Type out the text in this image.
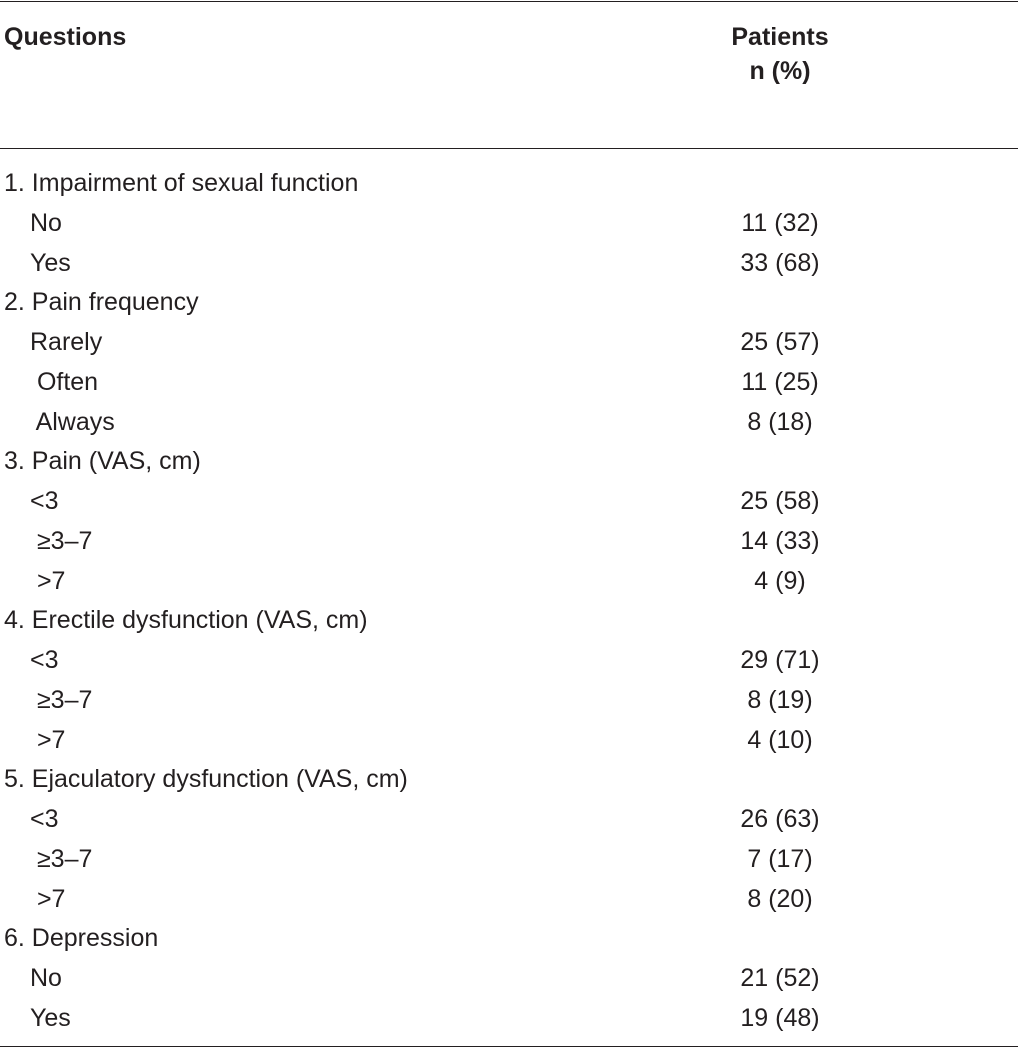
Questions	Patients
n (%)
1. Impairment of sexual function
No	11 (32)
Yes	33 (68)
2. Pain frequency
Rarely	25 (57)
Often	11 (25)
Always	8 (18)
3. Pain (VAS, cm)
<3	25 (58)
≥3–7	14 (33)
>7	4 (9)
4. Erectile dysfunction (VAS, cm)
<3	29 (71)
≥3–7	8 (19)
>7	4 (10)
5. Ejaculatory dysfunction (VAS, cm)
<3	26 (63)
≥3–7	7 (17)
>7	8 (20)
6. Depression
No	21 (52)
Yes	19 (48)
